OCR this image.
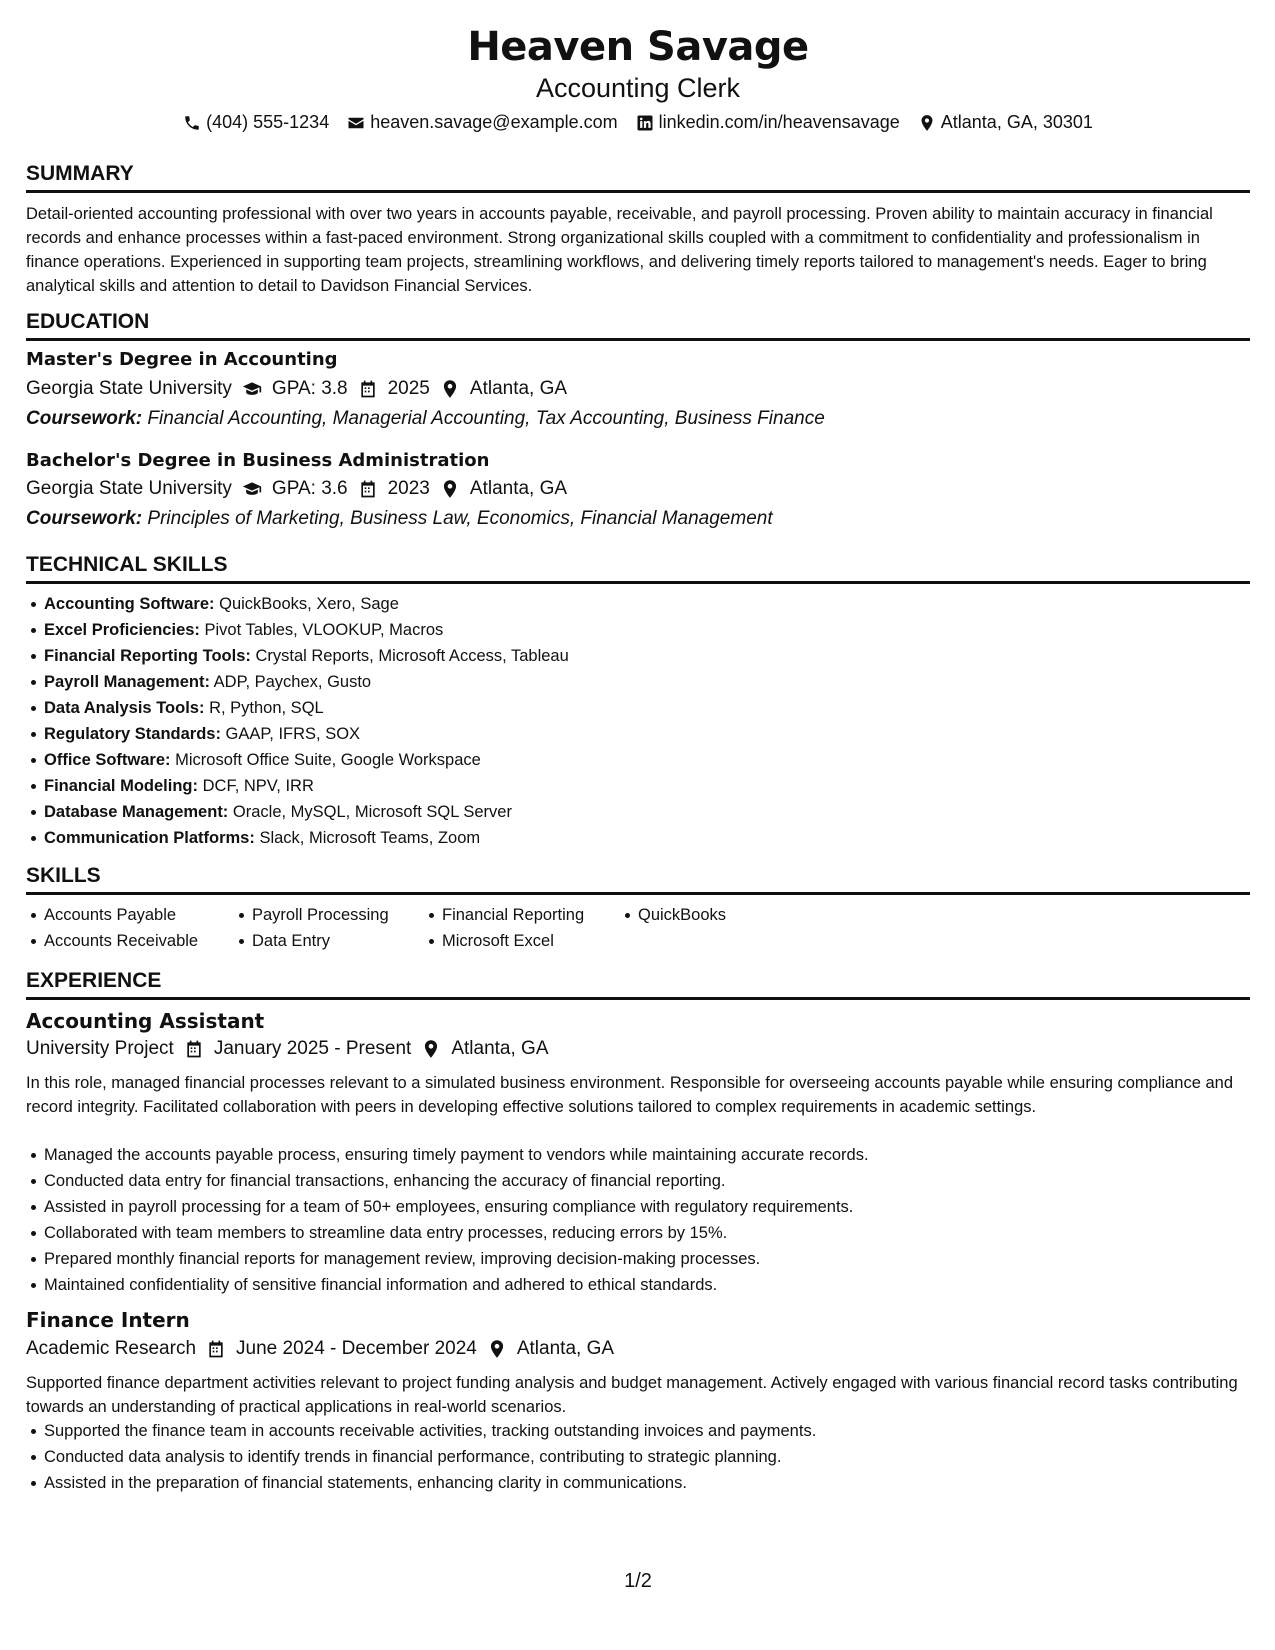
Heaven Savage
Accounting Clerk
(404) 555-1234 heaven.savage@example.com linkedin.com/in/heavensavage Atlanta, GA, 30301
SUMMARY
Detail-oriented accounting professional with over two years in accounts payable, receivable, and payroll processing. Proven ability to maintain accuracy in financial records and enhance processes within a fast-paced environment. Strong organizational skills coupled with a commitment to confidentiality and professionalism in finance operations. Experienced in supporting team projects, streamlining workflows, and delivering timely reports tailored to management's needs. Eager to bring analytical skills and attention to detail to Davidson Financial Services.
EDUCATION
Master's Degree in Accounting
Georgia State University GPA: 3.8 2025 Atlanta, GA
Coursework: Financial Accounting, Managerial Accounting, Tax Accounting, Business Finance
Bachelor's Degree in Business Administration
Georgia State University GPA: 3.6 2023 Atlanta, GA
Coursework: Principles of Marketing, Business Law, Economics, Financial Management
TECHNICAL SKILLS
Accounting Software: QuickBooks, Xero, Sage
Excel Proficiencies: Pivot Tables, VLOOKUP, Macros
Financial Reporting Tools: Crystal Reports, Microsoft Access, Tableau
Payroll Management: ADP, Paychex, Gusto
Data Analysis Tools: R, Python, SQL
Regulatory Standards: GAAP, IFRS, SOX
Office Software: Microsoft Office Suite, Google Workspace
Financial Modeling: DCF, NPV, IRR
Database Management: Oracle, MySQL, Microsoft SQL Server
Communication Platforms: Slack, Microsoft Teams, Zoom
SKILLS
Accounts Payable
Accounts Receivable
Payroll Processing
Data Entry
Financial Reporting
Microsoft Excel
QuickBooks
EXPERIENCE
Accounting Assistant
University Project January 2025 - Present Atlanta, GA
In this role, managed financial processes relevant to a simulated business environment. Responsible for overseeing accounts payable while ensuring compliance and record integrity. Facilitated collaboration with peers in developing effective solutions tailored to complex requirements in academic settings.
Managed the accounts payable process, ensuring timely payment to vendors while maintaining accurate records.
Conducted data entry for financial transactions, enhancing the accuracy of financial reporting.
Assisted in payroll processing for a team of 50+ employees, ensuring compliance with regulatory requirements.
Collaborated with team members to streamline data entry processes, reducing errors by 15%.
Prepared monthly financial reports for management review, improving decision-making processes.
Maintained confidentiality of sensitive financial information and adhered to ethical standards.
Finance Intern
Academic Research June 2024 - December 2024 Atlanta, GA
Supported finance department activities relevant to project funding analysis and budget management. Actively engaged with various financial record tasks contributing towards an understanding of practical applications in real-world scenarios.
Supported the finance team in accounts receivable activities, tracking outstanding invoices and payments.
Conducted data analysis to identify trends in financial performance, contributing to strategic planning.
Assisted in the preparation of financial statements, enhancing clarity in communications.
1/2
